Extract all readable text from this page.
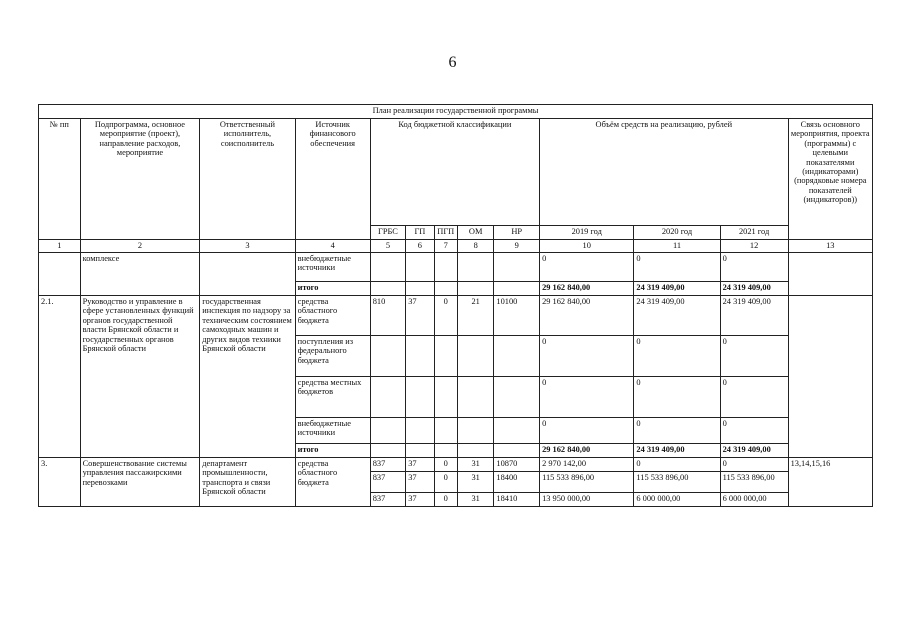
6
План реализации государственной программы												
№ пп	Подпрограмма, основное мероприятие (проект), направление расходов, мероприятие	Ответственный исполнитель, соисполнитель	Источник финансового обеспечения	Код бюджетной классификации					Объём средств на реализацию, рублей			Связь основного мероприятия, проекта (программы) с целевыми показателями (индикаторами) (порядковые номера показателей (индикаторов))
				ГРБС	ГП	ПГП	ОМ	НР	2019 год	2020 год	2021 год	
1	2	3	4	5	6	7	8	9	10	11	12	13
	комплексе		внебюджетные источники						0	0	0	
			итого						29 162 840,00	24 319 409,00	24 319 409,00	
2.1.	Руководство и управление в сфере установленных функций органов государственной власти Брянской области и государственных органов Брянской области	государственная инспекция по надзору за техническим состоянием самоходных машин и других видов техники Брянской области	средства областного бюджета	810	37	0	21	10100	29 162 840,00	24 319 409,00	24 319 409,00	
			поступления из федерального бюджета						0	0	0	
			средства местных бюджетов						0	0	0	
			внебюджетные источники						0	0	0	
			итого						29 162 840,00	24 319 409,00	24 319 409,00	
3.	Совершенствование системы управления пассажирскими перевозками	департамент промышленности, транспорта и связи Брянской области	средства областного бюджета	837	37	0	31	10870	2 970 142,00	0	0	13,14,15,16
				837	37	0	31	18400	115 533 896,00	115 533 896,00	115 533 896,00	
				837	37	0	31	18410	13 950 000,00	6 000 000,00	6 000 000,00	
